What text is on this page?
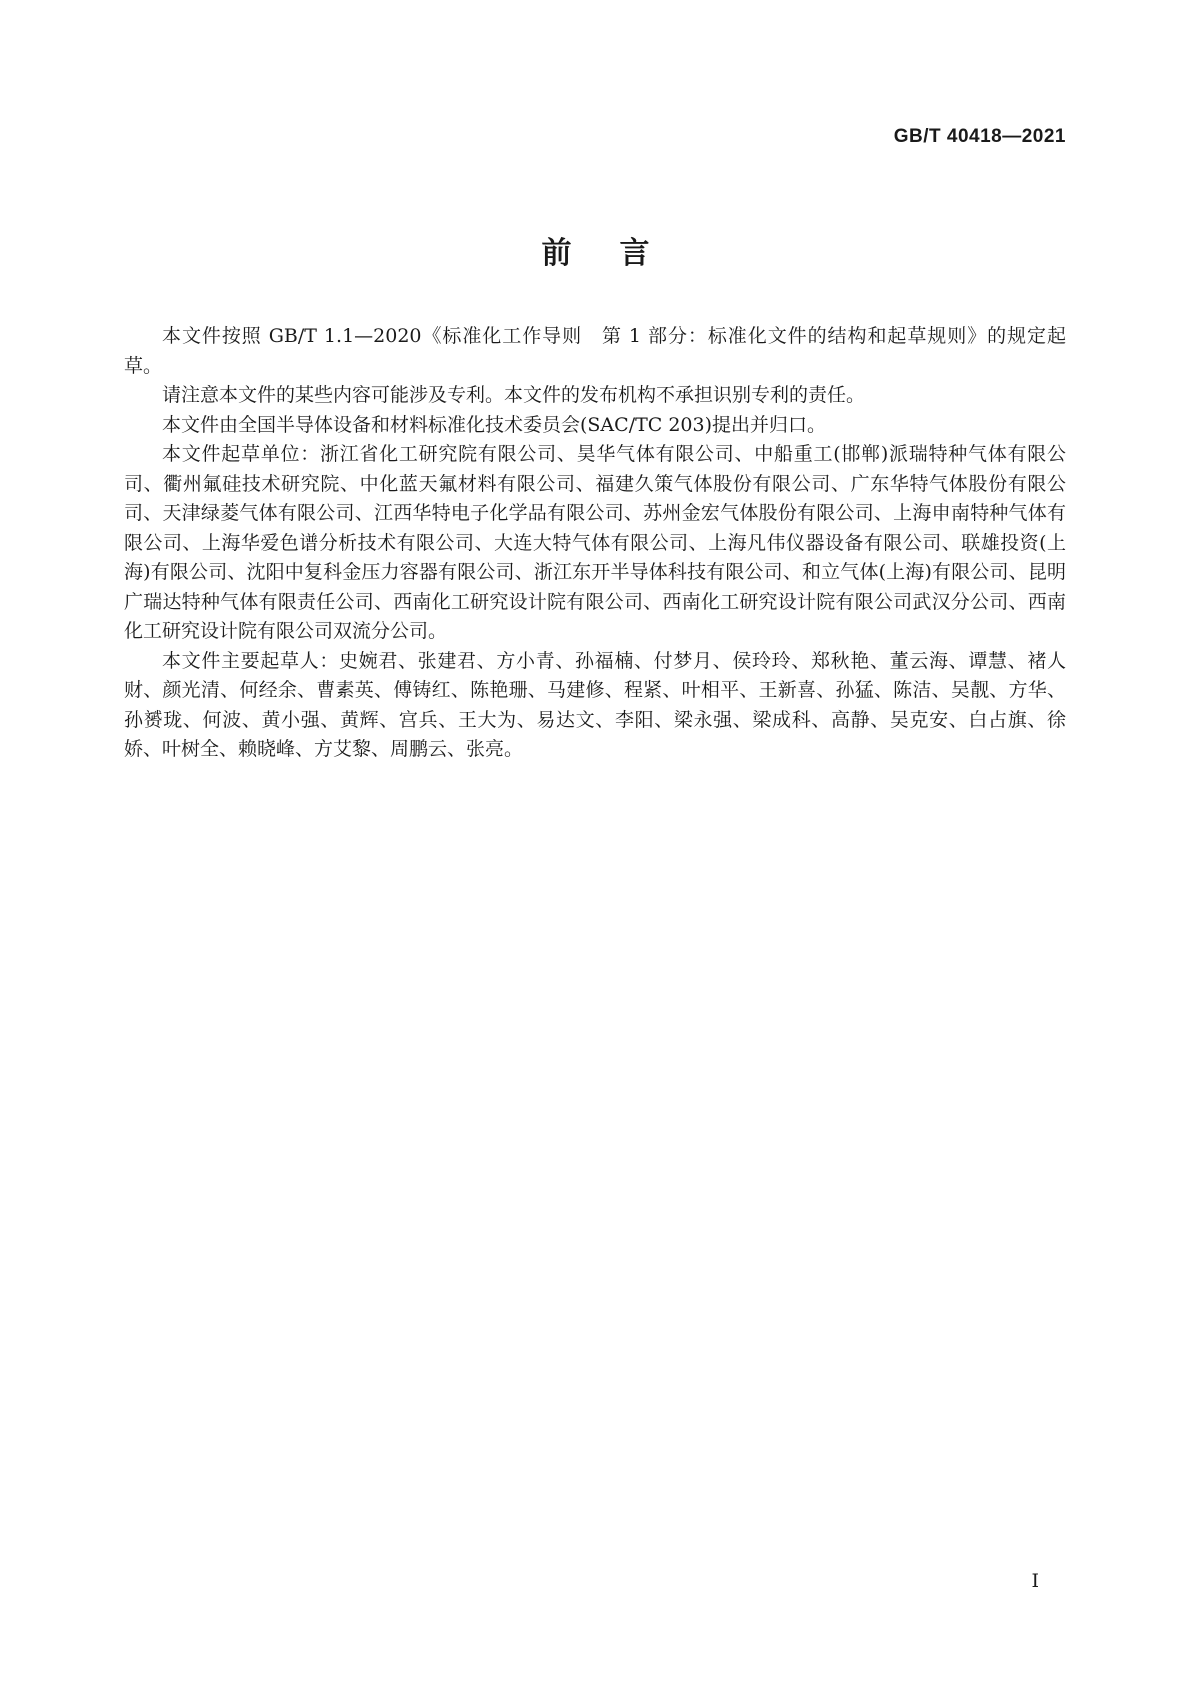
GB/T 40418—2021
前言

本文件按照 GB/T 1.1—2020《标准化工作导则　第 1 部分：标准化文件的结构和起草规则》的规定起草。

请注意本文件的某些内容可能涉及专利。本文件的发布机构不承担识别专利的责任。

本文件由全国半导体设备和材料标准化技术委员会(SAC/TC 203)提出并归口。

本文件起草单位：浙江省化工研究院有限公司、昊华气体有限公司、中船重工(邯郸)派瑞特种气体有限公司、衢州氟硅技术研究院、中化蓝天氟材料有限公司、福建久策气体股份有限公司、广东华特气体股份有限公司、天津绿菱气体有限公司、江西华特电子化学品有限公司、苏州金宏气体股份有限公司、上海申南特种气体有限公司、上海华爱色谱分析技术有限公司、大连大特气体有限公司、上海凡伟仪器设备有限公司、联雄投资(上海)有限公司、沈阳中复科金压力容器有限公司、浙江东开半导体科技有限公司、和立气体(上海)有限公司、昆明广瑞达特种气体有限责任公司、西南化工研究设计院有限公司、西南化工研究设计院有限公司武汉分公司、西南化工研究设计院有限公司双流分公司。

本文件主要起草人：史婉君、张建君、方小青、孙福楠、付梦月、侯玲玲、郑秋艳、董云海、谭慧、褚人财、颜光清、何经余、曹素英、傅铸红、陈艳珊、马建修、程紧、叶相平、王新喜、孙猛、陈洁、吴靓、方华、孙赟珑、何波、黄小强、黄辉、宫兵、王大为、易达文、李阳、梁永强、梁成科、高静、吴克安、白占旗、徐娇、叶树全、赖晓峰、方艾黎、周鹏云、张亮。

I
